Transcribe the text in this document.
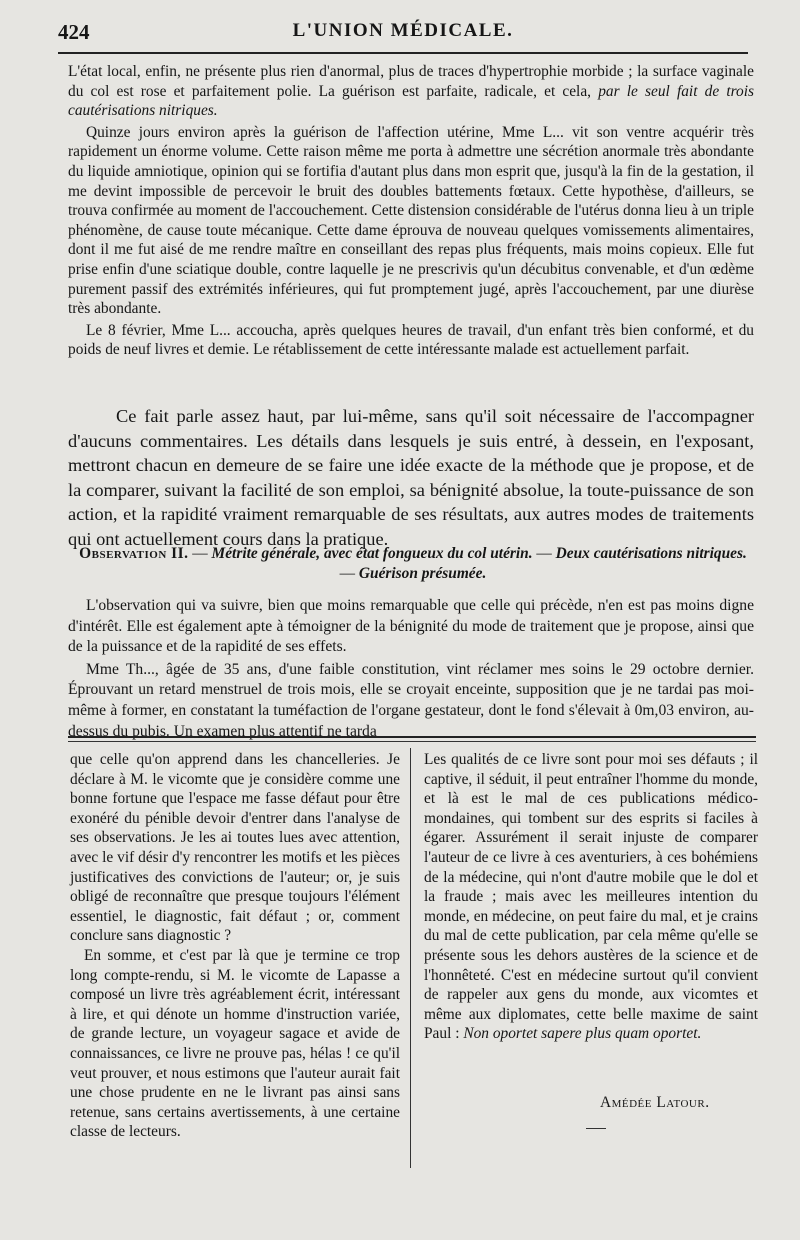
424	L'UNION MÉDICALE.

L'état local, enfin, ne présente plus rien d'anormal, plus de traces d'hypertrophie morbide ; la surface vaginale du col est rose et parfaitement polie. La guérison est parfaite, radicale, et cela, par le seul fait de trois cautérisations nitriques.

Quinze jours environ après la guérison de l'affection utérine, Mme L... vit son ventre acquérir très rapidement un énorme volume. Cette raison même me porta à admettre une sécrétion anormale très abondante du liquide amniotique, opinion qui se fortifia d'autant plus dans mon esprit que, jusqu'à la fin de la gestation, il me devint impossible de percevoir le bruit des doubles battements fœtaux. Cette hypothèse, d'ailleurs, se trouva confirmée au moment de l'accouchement. Cette distension considérable de l'utérus donna lieu à un triple phénomène, de cause toute mécanique. Cette dame éprouva de nouveau quelques vomissements alimentaires, dont il me fut aisé de me rendre maître en conseillant des repas plus fréquents, mais moins copieux. Elle fut prise enfin d'une sciatique double, contre laquelle je ne prescrivis qu'un décubitus convenable, et d'un œdème purement passif des extrémités inférieures, qui fut promptement jugé, après l'accouchement, par une diurèse très abondante.

Le 8 février, Mme L... accoucha, après quelques heures de travail, d'un enfant très bien conformé, et du poids de neuf livres et demie. Le rétablissement de cette intéressante malade est actuellement parfait.

Ce fait parle assez haut, par lui-même, sans qu'il soit nécessaire de l'accompagner d'aucuns commentaires. Les détails dans lesquels je suis entré, à dessein, en l'exposant, mettront chacun en demeure de se faire une idée exacte de la méthode que je propose, et de la comparer, suivant la facilité de son emploi, sa bénignité absolue, la toute-puissance de son action, et la rapidité vraiment remarquable de ses résultats, aux autres modes de traitements qui ont actuellement cours dans la pratique.

Observation II. — Métrite générale, avec état fongueux du col utérin. — Deux cautérisations nitriques. — Guérison présumée.

L'observation qui va suivre, bien que moins remarquable que celle qui précède, n'en est pas moins digne d'intérêt. Elle est également apte à témoigner de la bénignité du mode de traitement que je propose, ainsi que de la puissance et de la rapidité de ses effets.

Mme Th..., âgée de 35 ans, d'une faible constitution, vint réclamer mes soins le 29 octobre dernier. Éprouvant un retard menstruel de trois mois, elle se croyait enceinte, supposition que je ne tardai pas moi-même à former, en constatant la tuméfaction de l'organe gestateur, dont le fond s'élevait à 0m,03 environ, au-dessus du pubis. Un examen plus attentif ne tarda

que celle qu'on apprend dans les chancelleries. Je déclare à M. le vicomte que je considère comme une bonne fortune que l'espace me fasse défaut pour être exonéré du pénible devoir d'entrer dans l'analyse de ses observations. Je les ai toutes lues avec attention, avec le vif désir d'y rencontrer les motifs et les pièces justificatives des convictions de l'auteur; or, je suis obligé de reconnaître que presque toujours l'élément essentiel, le diagnostic, fait défaut ; or, comment conclure sans diagnostic ?

En somme, et c'est par là que je termine ce trop long compte-rendu, si M. le vicomte de Lapasse a composé un livre très agréablement écrit, intéressant à lire, et qui dénote un homme d'instruction variée, de grande lecture, un voyageur sagace et avide de connaissances, ce livre ne prouve pas, hélas ! ce qu'il veut prouver, et nous estimons que l'auteur aurait fait une chose prudente en ne le livrant pas ainsi sans retenue, sans certains avertissements, à une certaine classe de lecteurs.

Les qualités de ce livre sont pour moi ses défauts ; il captive, il séduit, il peut entraîner l'homme du monde, et là est le mal de ces publications médico-mondaines, qui tombent sur des esprits si faciles à égarer. Assurément il serait injuste de comparer l'auteur de ce livre à ces aventuriers, à ces bohémiens de la médecine, qui n'ont d'autre mobile que le dol et la fraude ; mais avec les meilleures intention du monde, en médecine, on peut faire du mal, et je crains du mal de cette publication, par cela même qu'elle se présente sous les dehors austères de la science et de l'honnêteté. C'est en médecine surtout qu'il convient de rappeler aux gens du monde, aux vicomtes et même aux diplomates, cette belle maxime de saint Paul : Non oportet sapere plus quam oportet.

Amédée Latour.
